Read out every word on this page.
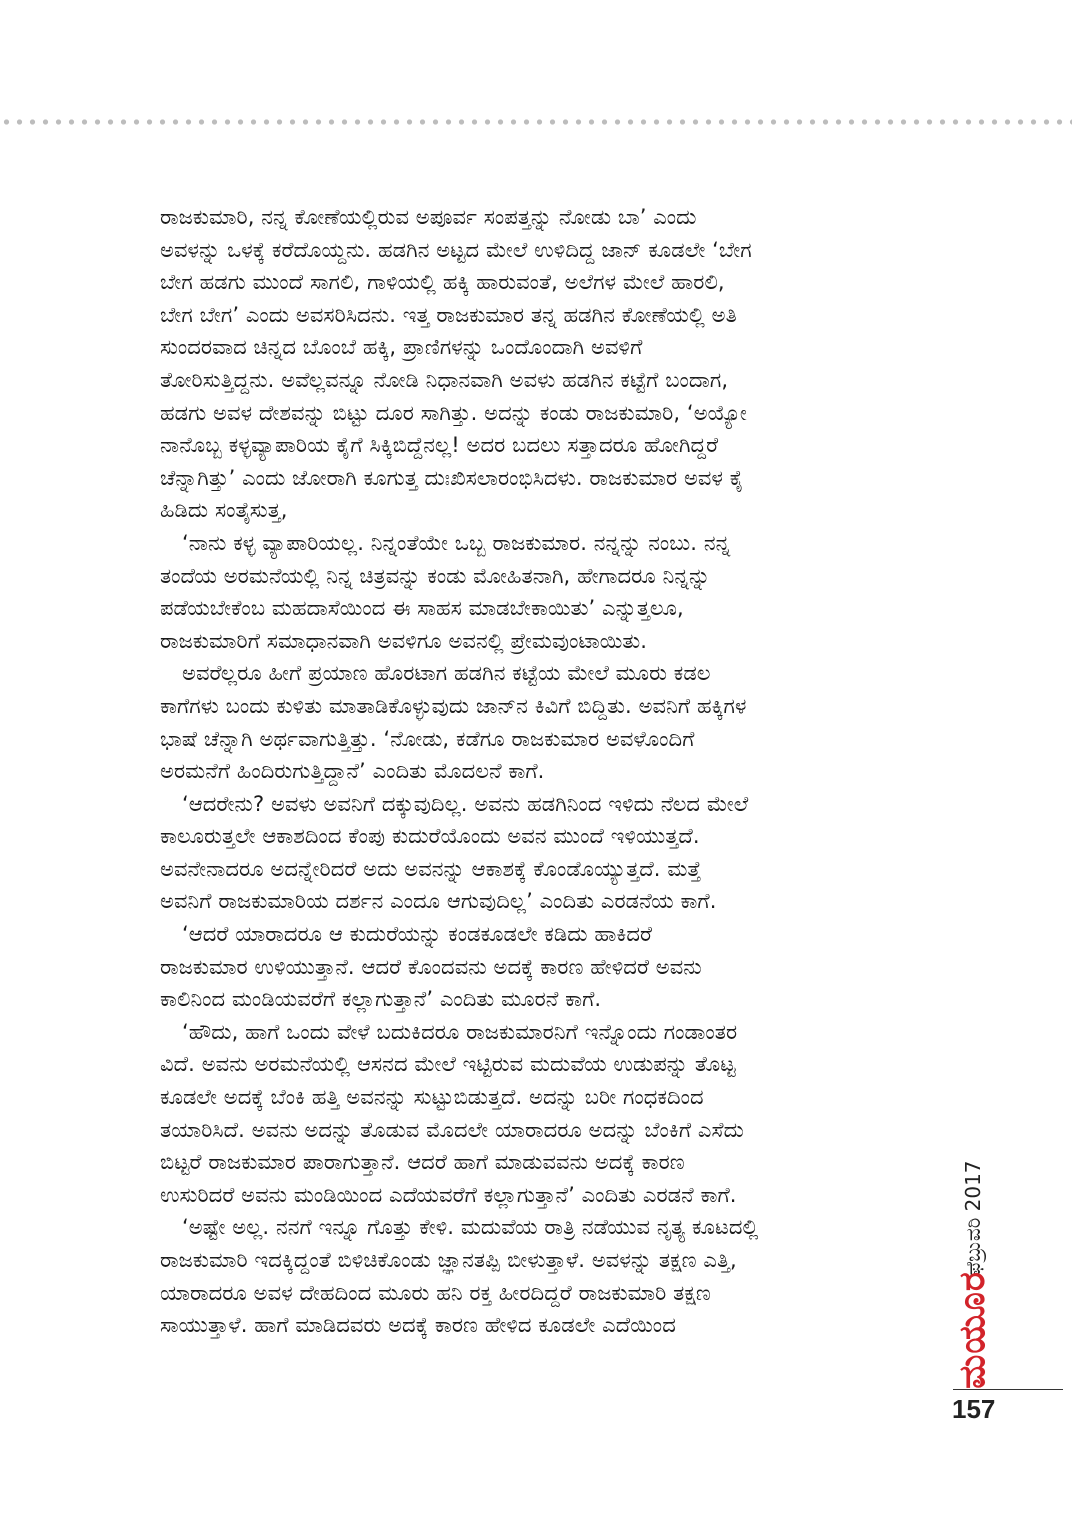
ರಾಜಕುಮಾರಿ, ನನ್ನ ಕೋಣೆಯಲ್ಲಿರುವ ಅಪೂರ್ವ ಸಂಪತ್ತನ್ನು ನೋಡು ಬಾ’ ಎಂದು
ಅವಳನ್ನು ಒಳಕ್ಕೆ ಕರೆದೊಯ್ದನು. ಹಡಗಿನ ಅಟ್ಟದ ಮೇಲೆ ಉಳಿದಿದ್ದ ಜಾನ್ ಕೂಡಲೇ ‘ಬೇಗ
ಬೇಗ ಹಡಗು ಮುಂದೆ ಸಾಗಲಿ, ಗಾಳಿಯಲ್ಲಿ ಹಕ್ಕಿ ಹಾರುವಂತೆ, ಅಲೆಗಳ ಮೇಲೆ ಹಾರಲಿ,
ಬೇಗ ಬೇಗ’ ಎಂದು ಅವಸರಿಸಿದನು. ಇತ್ತ ರಾಜಕುಮಾರ ತನ್ನ ಹಡಗಿನ ಕೋಣೆಯಲ್ಲಿ ಅತಿ
ಸುಂದರವಾದ ಚಿನ್ನದ ಬೊಂಬೆ ಹಕ್ಕಿ, ಪ್ರಾಣಿಗಳನ್ನು ಒಂದೊಂದಾಗಿ ಅವಳಿಗೆ
ತೋರಿಸುತ್ತಿದ್ದನು. ಅವೆಲ್ಲವನ್ನೂ ನೋಡಿ ನಿಧಾನವಾಗಿ ಅವಳು ಹಡಗಿನ ಕಟ್ಟೆಗೆ ಬಂದಾಗ,
ಹಡಗು ಅವಳ ದೇಶವನ್ನು ಬಿಟ್ಟು ದೂರ ಸಾಗಿತ್ತು. ಅದನ್ನು ಕಂಡು ರಾಜಕುಮಾರಿ, ‘ಅಯ್ಯೋ
ನಾನೊಬ್ಬ ಕಳ್ಳವ್ಯಾಪಾರಿಯ ಕೈಗೆ ಸಿಕ್ಕಿಬಿದ್ದೆನಲ್ಲ! ಅದರ ಬದಲು ಸತ್ತಾದರೂ ಹೋಗಿದ್ದರೆ
ಚೆನ್ನಾಗಿತ್ತು’ ಎಂದು ಜೋರಾಗಿ ಕೂಗುತ್ತ ದುಃಖಿಸಲಾರಂಭಿಸಿದಳು. ರಾಜಕುಮಾರ ಅವಳ ಕೈ
ಹಿಡಿದು ಸಂತೈಸುತ್ತ,
‘ನಾನು ಕಳ್ಳ ವ್ಯಾಪಾರಿಯಲ್ಲ. ನಿನ್ನಂತೆಯೇ ಒಬ್ಬ ರಾಜಕುಮಾರ. ನನ್ನನ್ನು ನಂಬು. ನನ್ನ
ತಂದೆಯ ಅರಮನೆಯಲ್ಲಿ ನಿನ್ನ ಚಿತ್ರವನ್ನು ಕಂಡು ಮೋಹಿತನಾಗಿ, ಹೇಗಾದರೂ ನಿನ್ನನ್ನು
ಪಡೆಯಬೇಕೆಂಬ ಮಹದಾಸೆಯಿಂದ ಈ ಸಾಹಸ ಮಾಡಬೇಕಾಯಿತು’ ಎನ್ನುತ್ತಲೂ,
ರಾಜಕುಮಾರಿಗೆ ಸಮಾಧಾನವಾಗಿ ಅವಳಿಗೂ ಅವನಲ್ಲಿ ಪ್ರೇಮವುಂಟಾಯಿತು.
ಅವರೆಲ್ಲರೂ ಹೀಗೆ ಪ್ರಯಾಣ ಹೊರಟಾಗ ಹಡಗಿನ ಕಟ್ಟೆಯ ಮೇಲೆ ಮೂರು ಕಡಲ
ಕಾಗೆಗಳು ಬಂದು ಕುಳಿತು ಮಾತಾಡಿಕೊಳ್ಳುವುದು ಜಾನ್‌ನ ಕಿವಿಗೆ ಬಿದ್ದಿತು. ಅವನಿಗೆ ಹಕ್ಕಿಗಳ
ಭಾಷೆ ಚೆನ್ನಾಗಿ ಅರ್ಥವಾಗುತ್ತಿತ್ತು. ‘ನೋಡು, ಕಡೆಗೂ ರಾಜಕುಮಾರ ಅವಳೊಂದಿಗೆ
ಅರಮನೆಗೆ ಹಿಂದಿರುಗುತ್ತಿದ್ದಾನೆ’ ಎಂದಿತು ಮೊದಲನೆ ಕಾಗೆ.
‘ಆದರೇನು? ಅವಳು ಅವನಿಗೆ ದಕ್ಕುವುದಿಲ್ಲ. ಅವನು ಹಡಗಿನಿಂದ ಇಳಿದು ನೆಲದ ಮೇಲೆ
ಕಾಲೂರುತ್ತಲೇ ಆಕಾಶದಿಂದ ಕೆಂಪು ಕುದುರೆಯೊಂದು ಅವನ ಮುಂದೆ ಇಳಿಯುತ್ತದೆ.
ಅವನೇನಾದರೂ ಅದನ್ನೇರಿದರೆ ಅದು ಅವನನ್ನು ಆಕಾಶಕ್ಕೆ ಕೊಂಡೊಯ್ಯುತ್ತದೆ. ಮತ್ತೆ
ಅವನಿಗೆ ರಾಜಕುಮಾರಿಯ ದರ್ಶನ ಎಂದೂ ಆಗುವುದಿಲ್ಲ’ ಎಂದಿತು ಎರಡನೆಯ ಕಾಗೆ.
‘ಆದರೆ ಯಾರಾದರೂ ಆ ಕುದುರೆಯನ್ನು ಕಂಡಕೂಡಲೇ ಕಡಿದು ಹಾಕಿದರೆ
ರಾಜಕುಮಾರ ಉಳಿಯುತ್ತಾನೆ. ಆದರೆ ಕೊಂದವನು ಅದಕ್ಕೆ ಕಾರಣ ಹೇಳಿದರೆ ಅವನು
ಕಾಲಿನಿಂದ ಮಂಡಿಯವರೆಗೆ ಕಲ್ಲಾಗುತ್ತಾನೆ’ ಎಂದಿತು ಮೂರನೆ ಕಾಗೆ.
‘ಹೌದು, ಹಾಗೆ ಒಂದು ವೇಳೆ ಬದುಕಿದರೂ ರಾಜಕುಮಾರನಿಗೆ ಇನ್ನೊಂದು ಗಂಡಾಂತರ
ವಿದೆ. ಅವನು ಅರಮನೆಯಲ್ಲಿ ಆಸನದ ಮೇಲೆ ಇಟ್ಟಿರುವ ಮದುವೆಯ ಉಡುಪನ್ನು ತೊಟ್ಟ
ಕೂಡಲೇ ಅದಕ್ಕೆ ಬೆಂಕಿ ಹತ್ತಿ ಅವನನ್ನು ಸುಟ್ಟುಬಿಡುತ್ತದೆ. ಅದನ್ನು ಬರೀ ಗಂಧಕದಿಂದ
ತಯಾರಿಸಿದೆ. ಅವನು ಅದನ್ನು ತೊಡುವ ಮೊದಲೇ ಯಾರಾದರೂ ಅದನ್ನು ಬೆಂಕಿಗೆ ಎಸೆದು
ಬಿಟ್ಟರೆ ರಾಜಕುಮಾರ ಪಾರಾಗುತ್ತಾನೆ. ಆದರೆ ಹಾಗೆ ಮಾಡುವವನು ಅದಕ್ಕೆ ಕಾರಣ
ಉಸುರಿದರೆ ಅವನು ಮಂಡಿಯಿಂದ ಎದೆಯವರೆಗೆ ಕಲ್ಲಾಗುತ್ತಾನೆ’ ಎಂದಿತು ಎರಡನೆ ಕಾಗೆ.
‘ಅಷ್ಟೇ ಅಲ್ಲ. ನನಗೆ ಇನ್ನೂ ಗೊತ್ತು ಕೇಳಿ. ಮದುವೆಯ ರಾತ್ರಿ ನಡೆಯುವ ನೃತ್ಯ ಕೂಟದಲ್ಲಿ
ರಾಜಕುಮಾರಿ ಇದಕ್ಕಿದ್ದಂತೆ ಬಿಳಿಚಿಕೊಂಡು ಜ್ಞಾನತಪ್ಪಿ ಬೀಳುತ್ತಾಳೆ. ಅವಳನ್ನು ತಕ್ಷಣ ಎತ್ತಿ,
ಯಾರಾದರೂ ಅವಳ ದೇಹದಿಂದ ಮೂರು ಹನಿ ರಕ್ತ ಹೀರದಿದ್ದರೆ ರಾಜಕುಮಾರಿ ತಕ್ಷಣ
ಸಾಯುತ್ತಾಳೆ. ಹಾಗೆ ಮಾಡಿದವರು ಅದಕ್ಕೆ ಕಾರಣ ಹೇಳಿದ ಕೂಡಲೇ ಎದೆಯಿಂದ
ಫೆಬ್ರುವರಿ 2017
ಮಯೂರ
157
